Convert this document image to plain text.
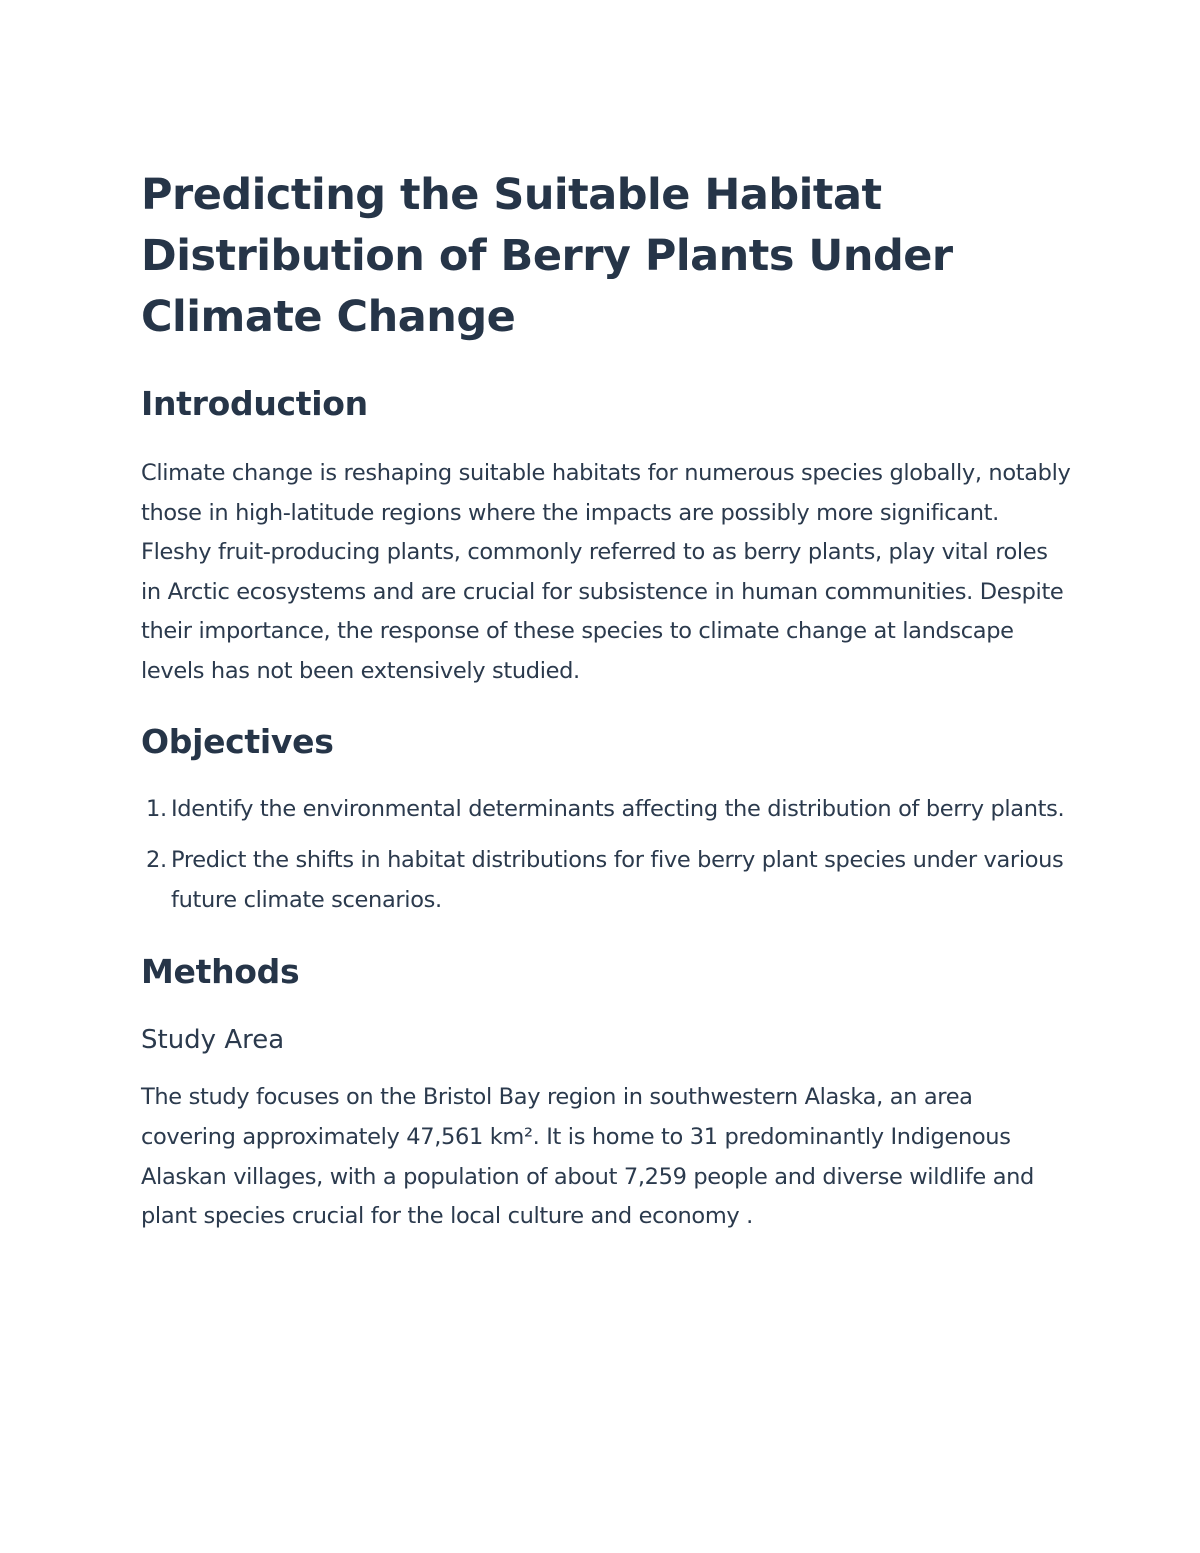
Predicting the Suitable Habitat Distribution of Berry Plants Under Climate Change
Introduction

Climate change is reshaping suitable habitats for numerous species globally, notably those in high-latitude regions where the impacts are possibly more significant. Fleshy fruit-producing plants, commonly referred to as berry plants, play vital roles in Arctic ecosystems and are crucial for subsistence in human communities. Despite their importance, the response of these species to climate change at landscape levels has not been extensively studied.

Objectives
1. Identify the environmental determinants affecting the distribution of berry plants.
2. Predict the shifts in habitat distributions for five berry plant species under various future climate scenarios.
Methods
Study Area

The study focuses on the Bristol Bay region in southwestern Alaska, an area covering approximately 47,561 km². It is home to 31 predominantly Indigenous Alaskan villages, with a population of about 7,259 people and diverse wildlife and plant species crucial for the local culture and economy .
